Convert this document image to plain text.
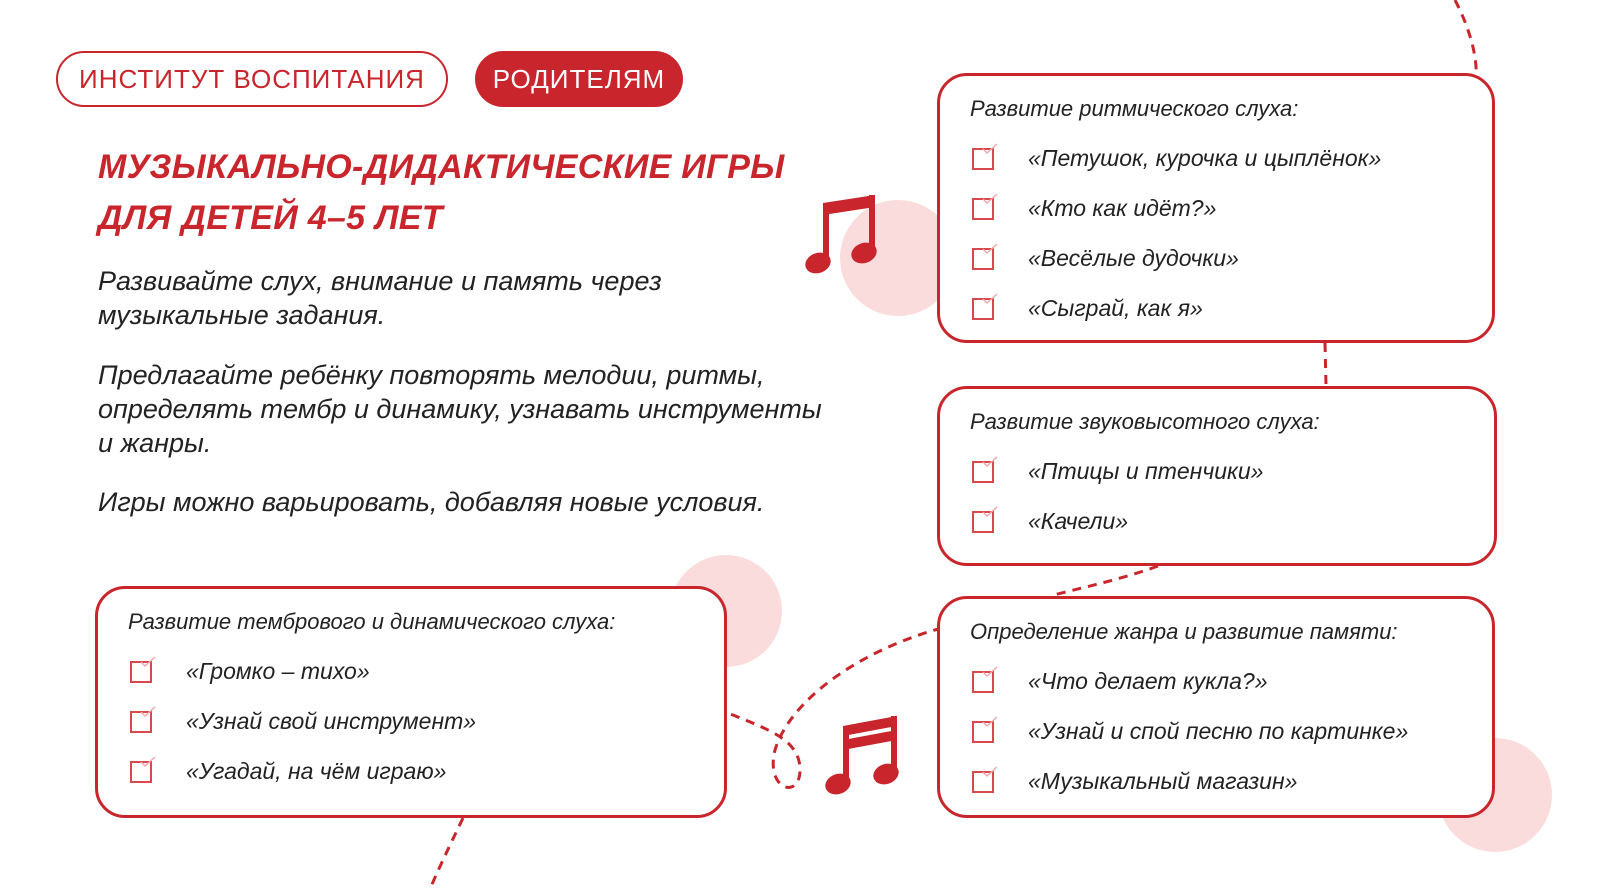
ИНСТИТУТ ВОСПИТАНИЯ	РОДИТЕЛЯМ
МУЗЫКАЛЬНО-ДИДАКТИЧЕСКИЕ ИГРЫ
ДЛЯ ДЕТЕЙ 4–5 ЛЕТ

Развивайте слух, внимание и память через
музыкальные задания.

Предлагайте ребёнку повторять мелодии, ритмы,
определять тембр и динамику, узнавать инструменты
и жанры.

Игры можно варьировать, добавляя новые условия.

Развитие ритмического слуха:

«Петушок, курочка и цыплёнок»
«Кто как идёт?»
«Весёлые дудочки»
«Сыграй, как я»

Развитие звуковысотного слуха:

«Птицы и птенчики»
«Качели»

Определение жанра и развитие памяти:

«Что делает кукла?»
«Узнай и спой песню по картинке»
«Музыкальный магазин»

Развитие тембрового и динамического слуха:

«Громко – тихо»
«Узнай свой инструмент»
«Угадай, на чём играю»
